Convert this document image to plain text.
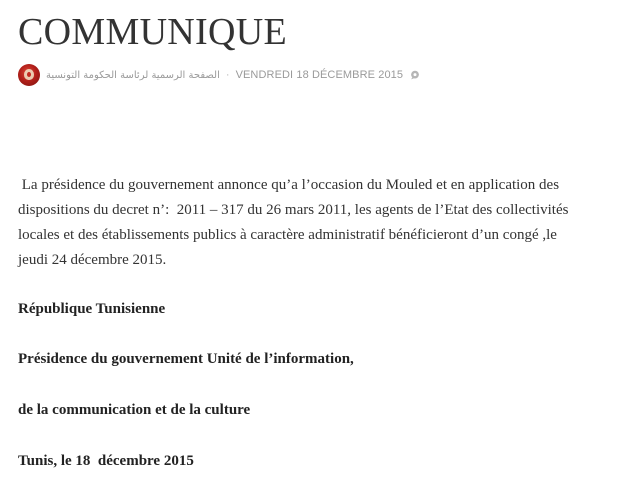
COMMUNIQUE
الصفحة الرسمية لرئاسة الحكومة التونسية · VENDREDI 18 DÉCEMBRE 2015

La présidence du gouvernement annonce qu’a l’occasion du Mouled et en application des
dispositions du decret n’:  2011 – 317 du 26 mars 2011, les agents de l’Etat des collectivités
locales et des établissements publics à caractère administratif bénéficieront d’un congé ,le
jeudi 24 décembre 2015.

République Tunisienne

Présidence du gouvernement Unité de l’information,

de la communication et de la culture

Tunis, le 18  décembre 2015
